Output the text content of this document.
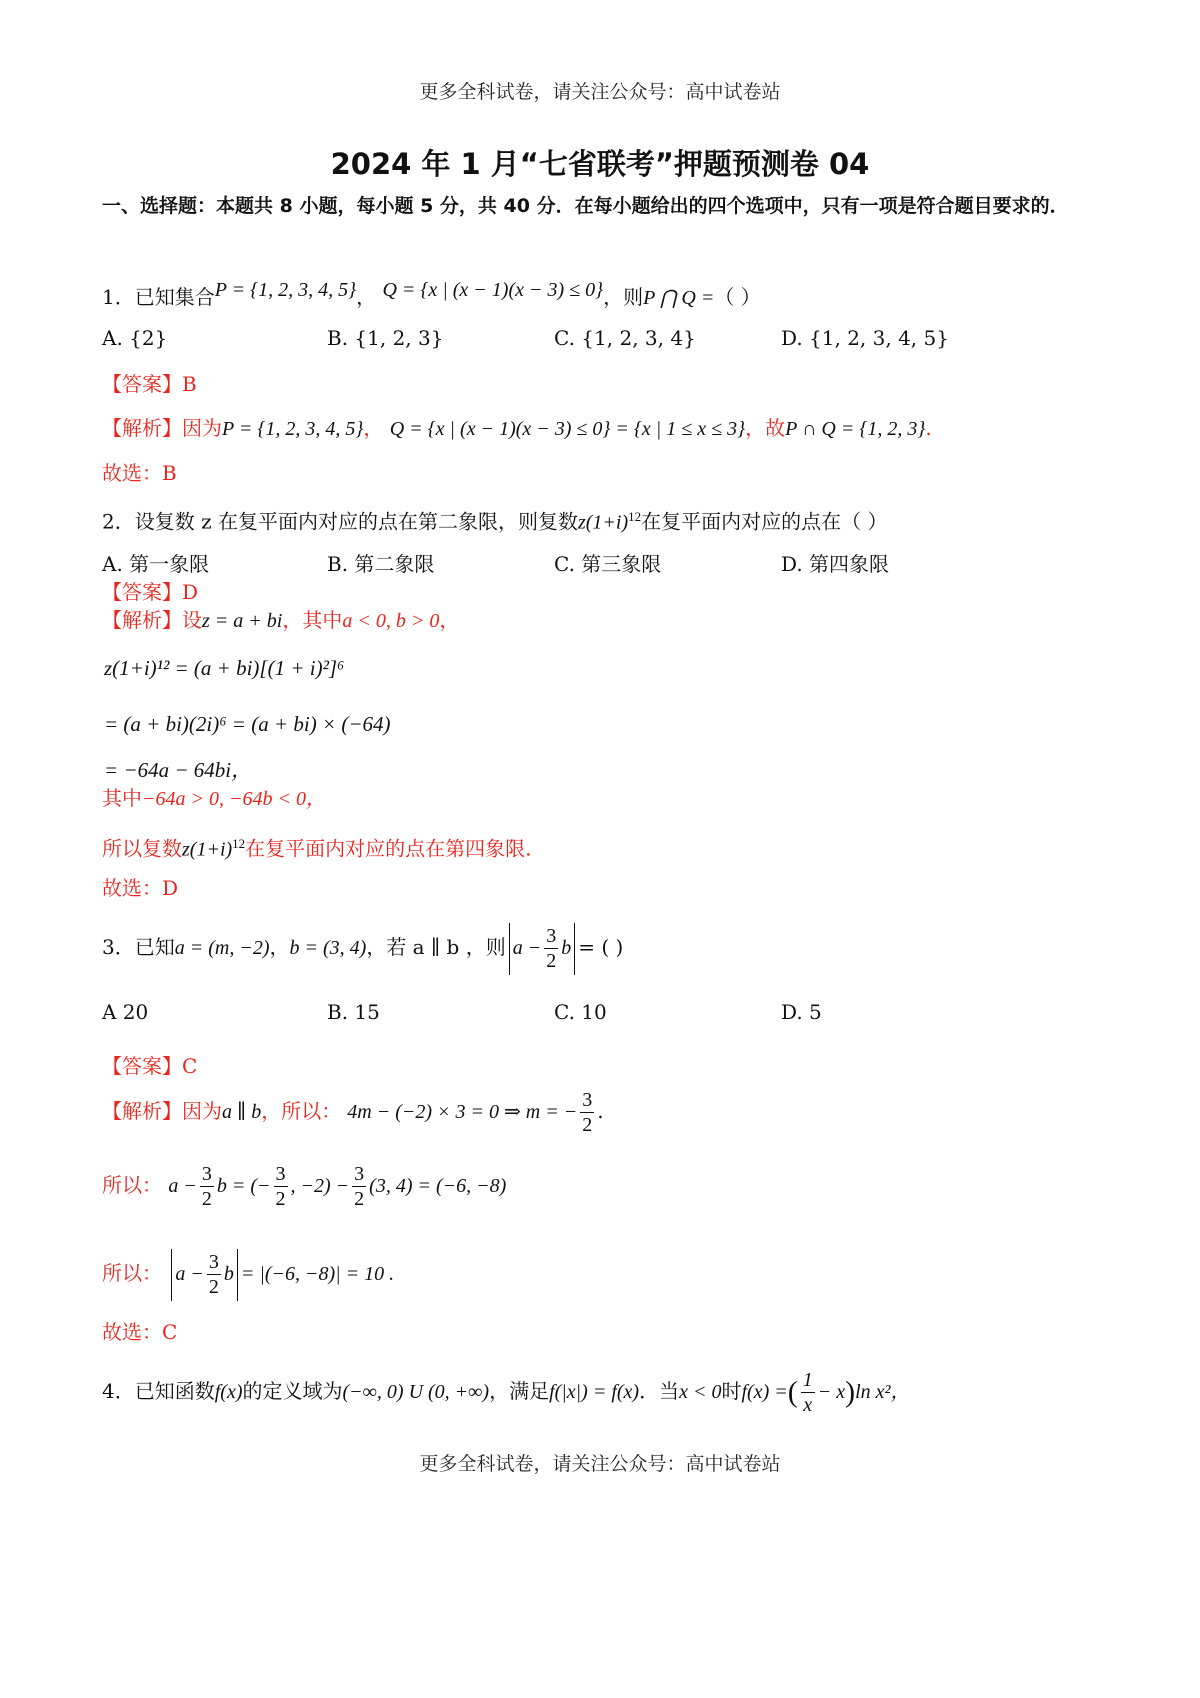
更多全科试卷，请关注公众号：高中试卷站
2024 年 1 月“七省联考”押题预测卷 04
一、选择题：本题共 8 小题，每小题 5 分，共 40 分．在每小题给出的四个选项中，只有一项是符合题目要求的．
1．已知集合P = {1, 2, 3, 4, 5}， Q = {x | (x − 1)(x − 3) ≤ 0}，则P ⋂ Q =（ ）
A. {2}	B. {1, 2, 3}	C. {1, 2, 3, 4}	D. {1, 2, 3, 4, 5}
【答案】B
【解析】因为P = {1, 2, 3, 4, 5}， Q = {x | (x − 1)(x − 3) ≤ 0} = {x | 1 ≤ x ≤ 3}，故P ∩ Q = {1, 2, 3}.
故选：B
2．设复数 z 在复平面内对应的点在第二象限，则复数$z(1+i)^{12}$在复平面内对应的点在（ ）
A. 第一象限	B. 第二象限	C. 第三象限	D. 第四象限
【答案】D
【解析】设z = a + bi，其中a < 0, b > 0，
z(1+i)¹² = (a + bi)[(1 + i)²]⁶
= (a + bi)(2i)⁶ = (a + bi) × (−64)
= −64a − 64bi，
其中−64a > 0, −64b < 0，
所以复数$z(1+i)^{12}$在复平面内对应的点在第四象限.
故选：D
3．已知a = (m, −2)，b = (3, 4)，若 a ∥ b ，则 $a - \frac{3}{2}$ b = ( )
A 20	B. 15	C. 10	D. 5
【答案】C
【解析】因为a ∥ b，所以： 4m − (−2) × 3 = 0 ⇒ m = − $\frac{3}{2}$ .
所以： $a - \frac{3}{2}$ b = (− $\frac{3}{2}$ , $-2) - \frac{3}{2} (3$, 4) = (−6, −8)
所以： $a - \frac{3}{2}$ b = |(−6, −8)| = 10 .
故选：C
4．已知函数f(x)的定义域为(−∞, 0) U (0, +∞)，满足f(|x|) = f(x)．当x < 0时f(x) =( $\frac{1}{x} - x)\ln$ x²，
更多全科试卷，请关注公众号：高中试卷站
